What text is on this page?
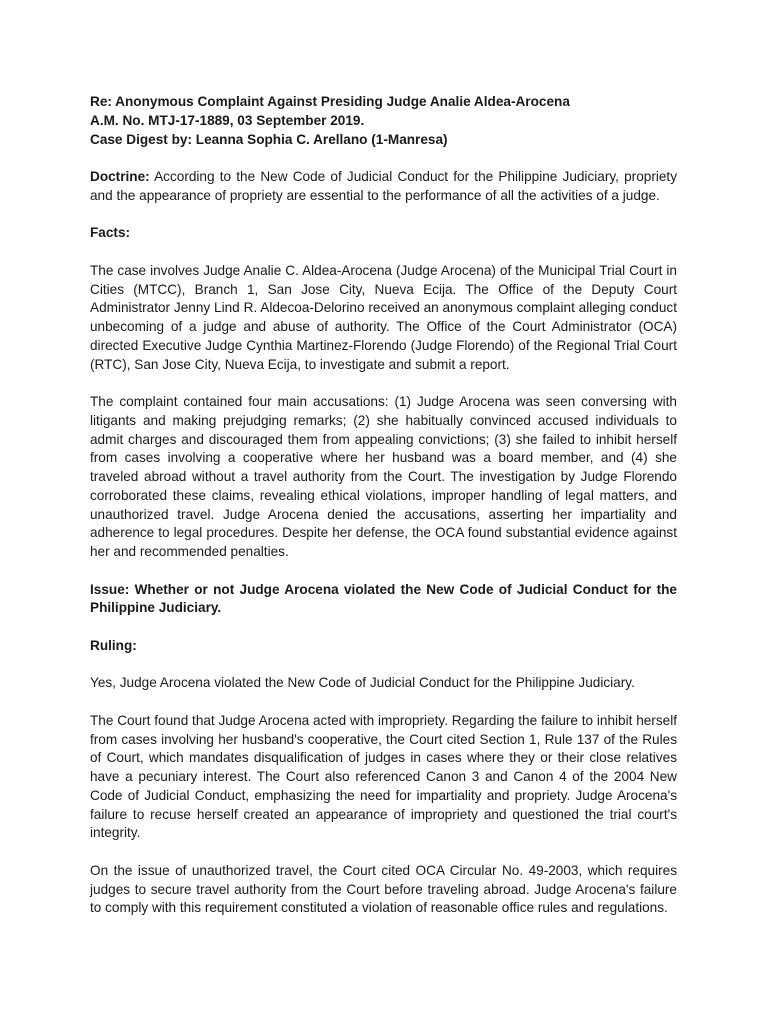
Re: Anonymous Complaint Against Presiding Judge Analie Aldea-Arocena

A.M. No. MTJ-17-1889, 03 September 2019.

Case Digest by: Leanna Sophia C. Arellano (1-Manresa)

Doctrine: According to the New Code of Judicial Conduct for the Philippine Judiciary, propriety and the appearance of propriety are essential to the performance of all the activities of a judge.

Facts:

The case involves Judge Analie C. Aldea-Arocena (Judge Arocena) of the Municipal Trial Court in Cities (MTCC), Branch 1, San Jose City, Nueva Ecija. The Office of the Deputy Court Administrator Jenny Lind R. Aldecoa-Delorino received an anonymous complaint alleging conduct unbecoming of a judge and abuse of authority. The Office of the Court Administrator (OCA) directed Executive Judge Cynthia Martinez-Florendo (Judge Florendo) of the Regional Trial Court (RTC), San Jose City, Nueva Ecija, to investigate and submit a report.

The complaint contained four main accusations: (1) Judge Arocena was seen conversing with litigants and making prejudging remarks; (2) she habitually convinced accused individuals to admit charges and discouraged them from appealing convictions; (3) she failed to inhibit herself from cases involving a cooperative where her husband was a board member, and (4) she traveled abroad without a travel authority from the Court. The investigation by Judge Florendo corroborated these claims, revealing ethical violations, improper handling of legal matters, and unauthorized travel. Judge Arocena denied the accusations, asserting her impartiality and adherence to legal procedures. Despite her defense, the OCA found substantial evidence against her and recommended penalties.

Issue: Whether or not Judge Arocena violated the New Code of Judicial Conduct for the Philippine Judiciary.

Ruling:

Yes, Judge Arocena violated the New Code of Judicial Conduct for the Philippine Judiciary.

The Court found that Judge Arocena acted with impropriety. Regarding the failure to inhibit herself from cases involving her husband's cooperative, the Court cited Section 1, Rule 137 of the Rules of Court, which mandates disqualification of judges in cases where they or their close relatives have a pecuniary interest. The Court also referenced Canon 3 and Canon 4 of the 2004 New Code of Judicial Conduct, emphasizing the need for impartiality and propriety. Judge Arocena's failure to recuse herself created an appearance of impropriety and questioned the trial court's integrity.

On the issue of unauthorized travel, the Court cited OCA Circular No. 49-2003, which requires judges to secure travel authority from the Court before traveling abroad. Judge Arocena's failure to comply with this requirement constituted a violation of reasonable office rules and regulations.
